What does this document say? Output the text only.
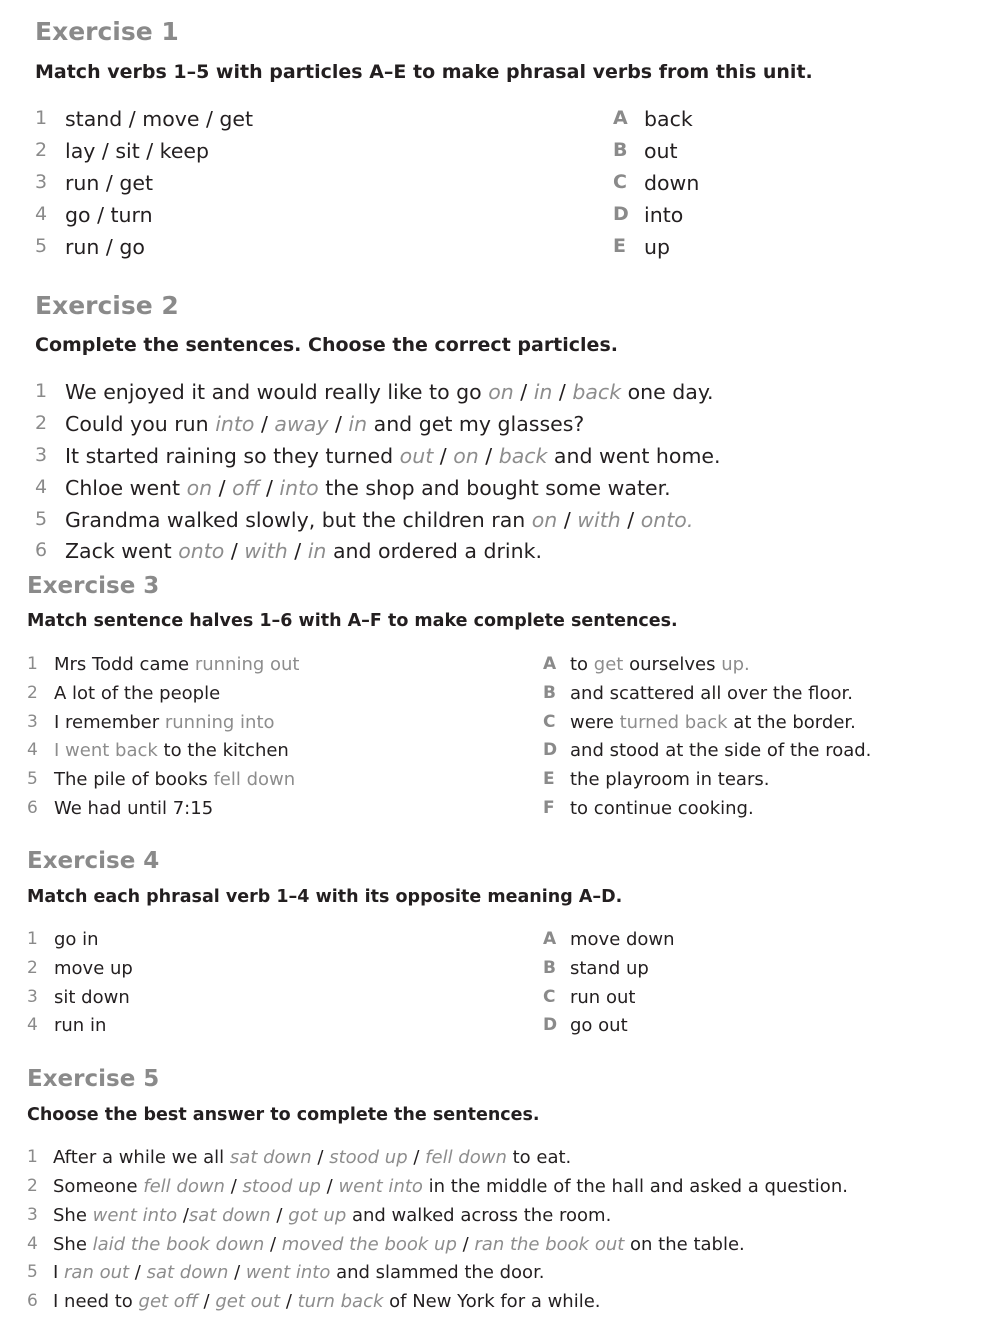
Exercise 1
Match verbs 1–5 with particles A–E to make phrasal verbs from this unit.
1 stand / move / get
2 lay / sit / keep
3 run / get
4 go / turn
5 run / go
A back
B out
C down
D into
E up
Exercise 2
Complete the sentences. Choose the correct particles.
1 We enjoyed it and would really like to go on / in / back one day.
2 Could you run into / away / in and get my glasses?
3 It started raining so they turned out / on / back and went home.
4 Chloe went on / off / into the shop and bought some water.
5 Grandma walked slowly, but the children ran on / with / onto.
6 Zack went onto / with / in and ordered a drink.
Exercise 3
Match sentence halves 1–6 with A–F to make complete sentences.
1 Mrs Todd came running out
2 A lot of the people
3 I remember running into
4 I went back to the kitchen
5 The pile of books fell down
6 We had until 7:15
A to get ourselves up.
B and scattered all over the floor.
C were turned back at the border.
D and stood at the side of the road.
E the playroom in tears.
F to continue cooking.
Exercise 4
Match each phrasal verb 1–4 with its opposite meaning A–D.
1 go in
2 move up
3 sit down
4 run in
A move down
B stand up
C run out
D go out
Exercise 5
Choose the best answer to complete the sentences.
1 After a while we all sat down / stood up / fell down to eat.
2 Someone fell down / stood up / went into in the middle of the hall and asked a question.
3 She went into /sat down / got up and walked across the room.
4 She laid the book down / moved the book up / ran the book out on the table.
5 I ran out / sat down / went into and slammed the door.
6 I need to get off / get out / turn back of New York for a while.
